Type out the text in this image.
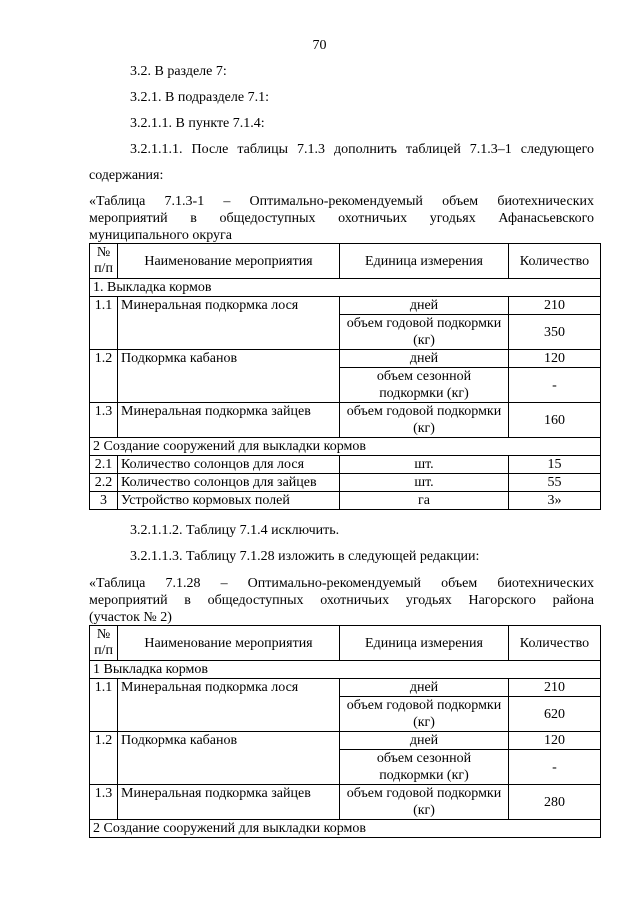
70
3.2. В разделе 7:
3.2.1. В подразделе 7.1:
3.2.1.1. В пункте 7.1.4:
3.2.1.1.1. После таблицы 7.1.3 дополнить таблицей 7.1.3–1 следующего
содержания:
«Таблица 7.1.3-1 – Оптимально-рекомендуемый объем биотехнических
мероприятий в общедоступных охотничьих угодьях Афанасьевского
муниципального округа
№ п/п	Наименование мероприятия	Единица измерения	Количество
1. Выкладка кормов			
1.1	Минеральная подкормка лося	дней	210
		объем годовой подкормки (кг)	350
1.2	Подкормка кабанов	дней	120
		объем сезонной подкормки (кг)	-
1.3	Минеральная подкормка зайцев	объем годовой подкормки (кг)	160
2 Создание сооружений для выкладки кормов			
2.1	Количество солонцов для лося	шт.	15
2.2	Количество солонцов для зайцев	шт.	55
3	Устройство кормовых полей	га	3»
3.2.1.1.2. Таблицу 7.1.4 исключить.
3.2.1.1.3. Таблицу 7.1.28 изложить в следующей редакции:
«Таблица 7.1.28 – Оптимально-рекомендуемый объем биотехнических
мероприятий в общедоступных охотничьих угодьях Нагорского района
(участок № 2)
№ п/п	Наименование мероприятия	Единица измерения	Количество
1 Выкладка кормов			
1.1	Минеральная подкормка лося	дней	210
		объем годовой подкормки (кг)	620
1.2	Подкормка кабанов	дней	120
		объем сезонной подкормки (кг)	-
1.3	Минеральная подкормка зайцев	объем годовой подкормки (кг)	280
2 Создание сооружений для выкладки кормов			
